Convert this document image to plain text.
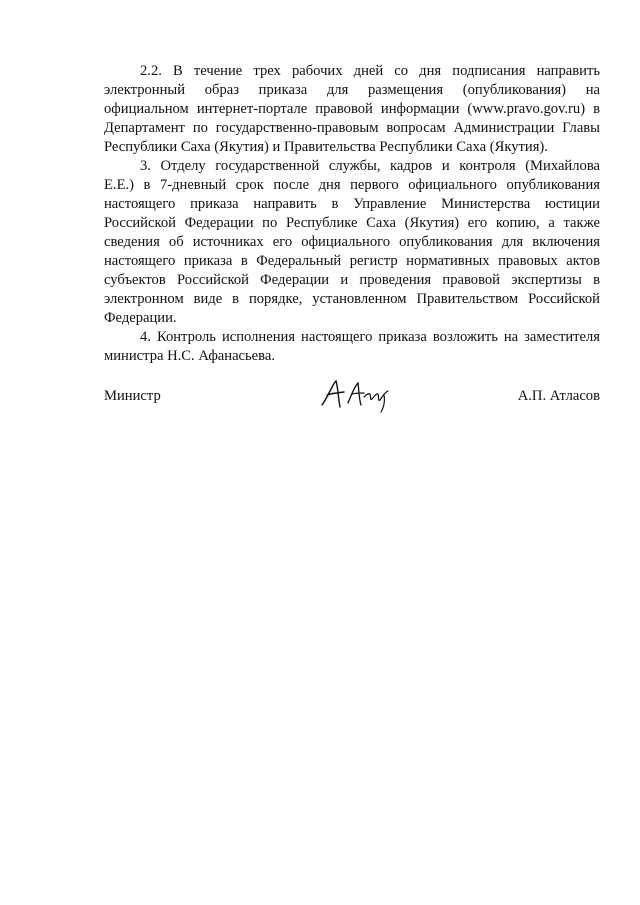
2.2. В течение трех рабочих дней со дня подписания направить
электронный образ приказа для размещения (опубликования) на
официальном интернет-портале правовой информации (www.pravo.gov.ru) в
Департамент по государственно-правовым вопросам Администрации Главы
Республики Саха (Якутия) и Правительства Республики Саха (Якутия).
3. Отделу государственной службы, кадров и контроля (Михайлова
Е.Е.) в 7-дневный срок после дня первого официального опубликования
настоящего приказа направить в Управление Министерства юстиции
Российской Федерации по Республике Саха (Якутия) его копию, а также
сведения об источниках его официального опубликования для включения
настоящего приказа в Федеральный регистр нормативных правовых актов
субъектов Российской Федерации и проведения правовой экспертизы в
электронном виде в порядке, установленном Правительством Российской
Федерации.
4. Контроль исполнения настоящего приказа возложить на заместителя
министра Н.С. Афанасьева.
Министр	А.П. Атласов
